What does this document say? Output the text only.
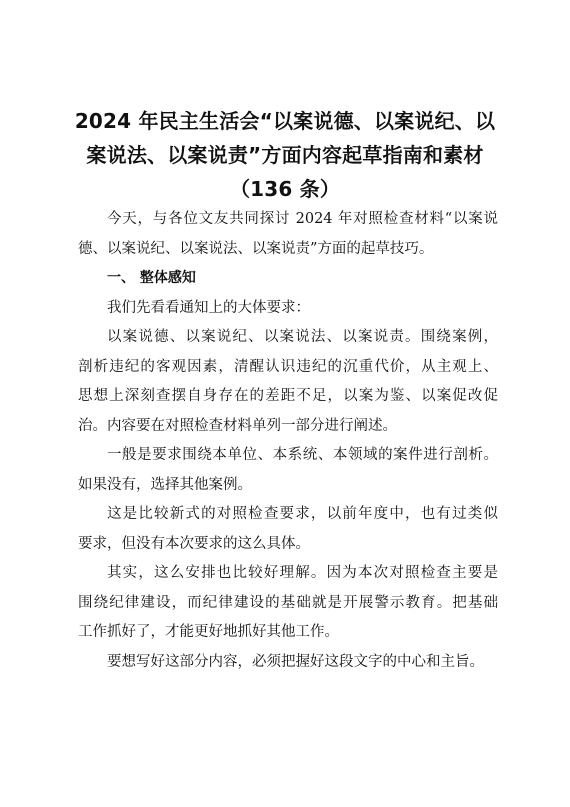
2024 年民主生活会“以案说德、以案说纪、以
案说法、以案说责”方面内容起草指南和素材
（136 条）

今天，与各位文友共同探讨 2024 年对照检查材料“以案说
德、以案说纪、以案说法、以案说责”方面的起草技巧。

一、 整体感知

我们先看看通知上的大体要求：

以案说德、以案说纪、以案说法、以案说责。围绕案例，
剖析违纪的客观因素，清醒认识违纪的沉重代价，从主观上、
思想上深刻查摆自身存在的差距不足，以案为鉴、以案促改促
治。内容要在对照检查材料单列一部分进行阐述。

一般是要求围绕本单位、本系统、本领域的案件进行剖析。
如果没有，选择其他案例。

这是比较新式的对照检查要求，以前年度中，也有过类似
要求，但没有本次要求的这么具体。

其实，这么安排也比较好理解。因为本次对照检查主要是
围绕纪律建设，而纪律建设的基础就是开展警示教育。把基础
工作抓好了，才能更好地抓好其他工作。

要想写好这部分内容，必须把握好这段文字的中心和主旨。
